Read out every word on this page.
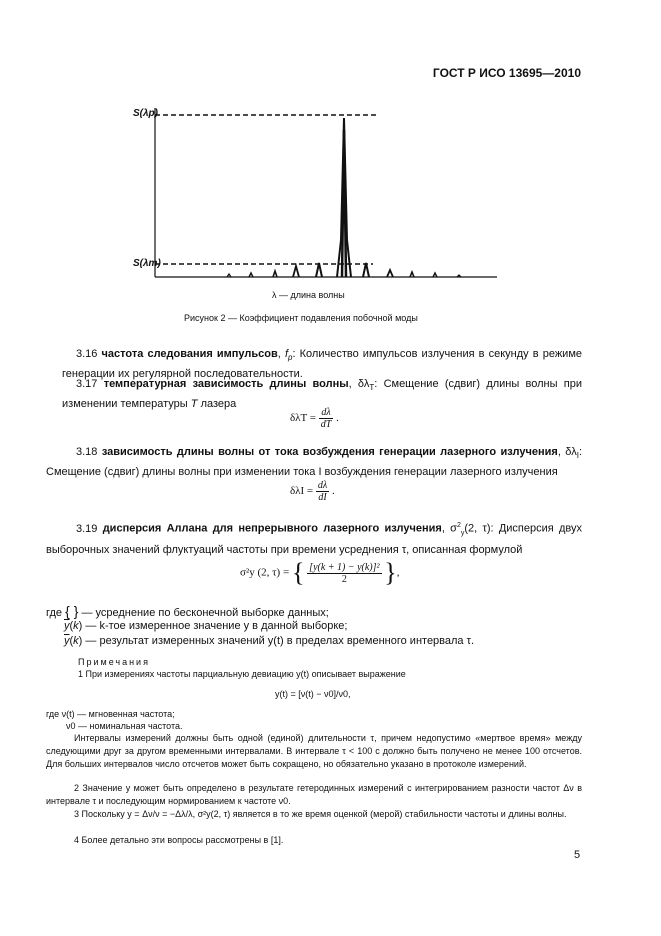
ГОСТ Р ИСО 13695—2010
S(λp)
S(λm)
λ — длина волны
Рисунок 2 — Коэффициент подавления побочной моды
3.16 частота следования импульсов, $f_p$: Количество импульсов излучения в секунду в режиме генерации их регулярной последовательности.
3.17 температурная зависимость длины волны, $\delta\lambda_T$: Смещение (сдвиг) длины волны при изменении температуры T лазера
$\delta\lambda T = \frac{d\lambda}{dT}$ .
3.18 зависимость длины волны от тока возбуждения генерации лазерного излучения, $\delta\lambda_I$: Смещение (сдвиг) длины волны при изменении тока I возбуждения генерации лазерного излучения
$\delta\lambda I = \frac{d\lambda}{dI}$ .
3.19 дисперсия Аллана для непрерывного лазерного излучения, $\sigma^2_y(2$, τ): Дисперсия двух выборочных значений флуктуаций частоты при времени усреднения τ, описанная формулой
σ²y (2, τ) = { $\frac{\text{[y(k + 1) − y(k)]²}}{2}$ },
где { } — усреднение по бесконечной выборке данных;
$\overline{y}(k)$ — k-тое измеренное значение y в данной выборке;
$\overline{y}(k)$ — результат измеренных значений y(t) в пределах временного интервала τ.
Примечания
1 При измерениях частоты парциальную девиацию y(t) описывает выражение
y(t) = [ν(t) − ν0]/ν0,
где ν(t) — мгновенная частота;
ν0 — номинальная частота.
Интервалы измерений должны быть одной (единой) длительности τ, причем недопустимо «мертвое время» между следующими друг за другом временными интервалами. В интервале τ < 100 с должно быть получено не менее 100 отсчетов. Для больших интервалов число отсчетов может быть сокращено, но обязательно указано в протоколе измерений.
2 Значение y может быть определено в результате гетеродинных измерений с интегрированием разности частот Δν в интервале τ и последующим нормированием к частоте ν0.
3 Поскольку y = Δν/ν = −Δλ/λ, σ²y(2, τ) является в то же время оценкой (мерой) стабильности частоты и длины волны.
4 Более детально эти вопросы рассмотрены в [1].
5
